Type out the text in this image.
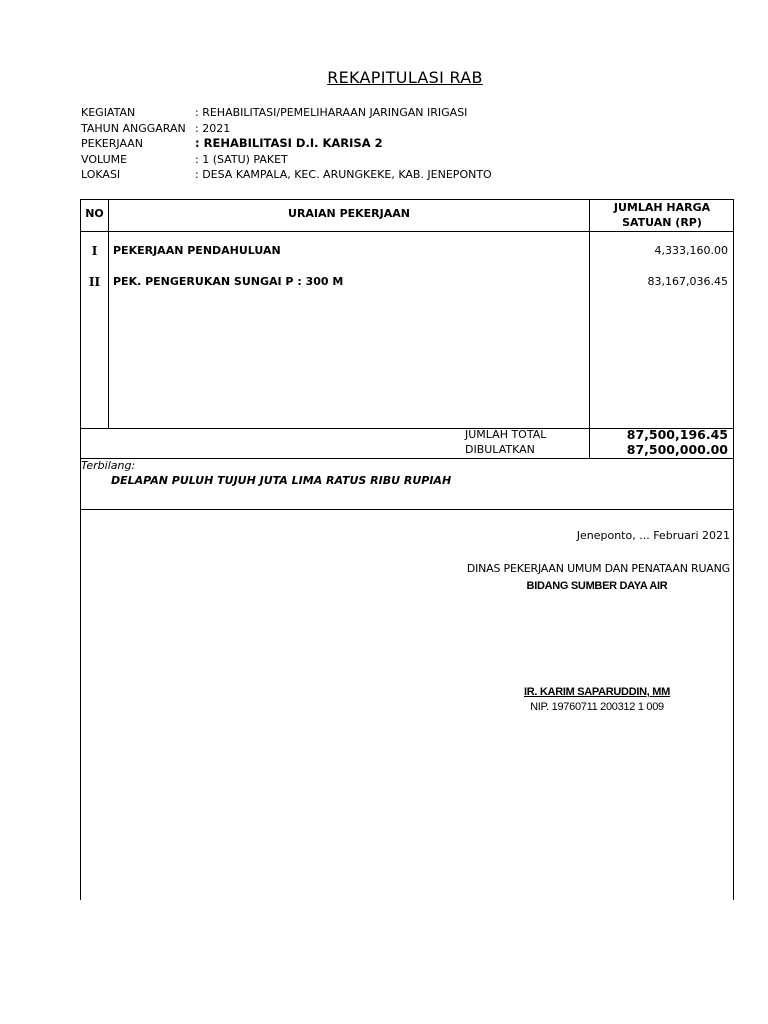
REKAPITULASI RAB
KEGIATAN	: REHABILITASI/PEMELIHARAAN JARINGAN IRIGASI
TAHUN ANGGARAN : 2021
PEKERJAAN	: REHABILITASI D.I. KARISA 2
VOLUME	: 1 (SATU) PAKET
LOKASI	: DESA KAMPALA, KEC. ARUNGKEKE, KAB. JENEPONTO
NO	URAIAN PEKERJAAN	JUMLAH HARGA
SATUAN (RP)
I	PEKERJAAN PENDAHULUAN	4,333,160.00
II	PEK. PENGERUKAN SUNGAI P : 300 M	83,167,036.45
JUMLAH TOTAL	87,500,196.45
DIBULATKAN	87,500,000.00
Terbilang:
DELAPAN PULUH TUJUH JUTA LIMA RATUS RIBU RUPIAH
Jeneponto, ... Februari 2021
DINAS PEKERJAAN UMUM DAN PENATAAN RUANG
BIDANG SUMBER DAYA AIR
IR. KARIM SAPARUDDIN, MM
NIP. 19760711 200312 1 009
